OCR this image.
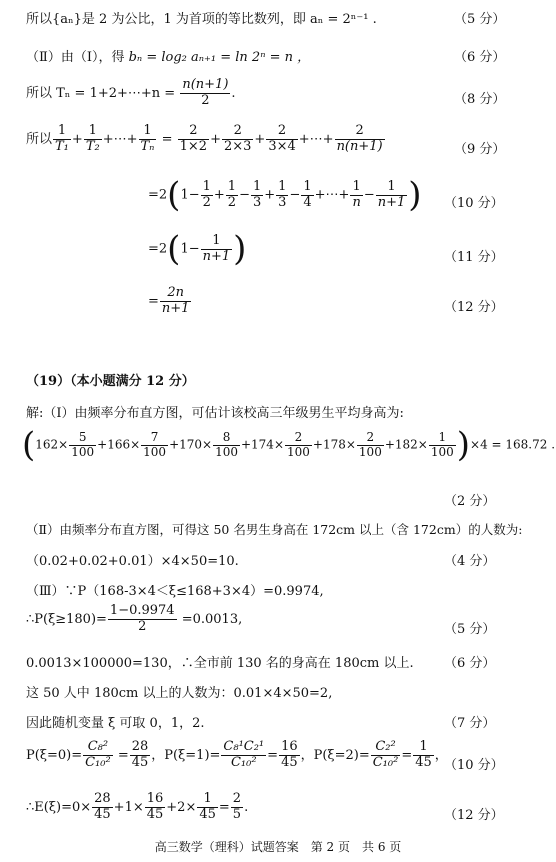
所以{aₙ}是 2 为公比，1 为首项的等比数列，即 aₙ = 2ⁿ⁻¹ .	（5 分）
（Ⅱ）由（Ⅰ），得 bₙ = log₂ aₙ₊₁ = ln 2ⁿ = n ，	（6 分）
所以 Tₙ = 1+2+⋯+n = $\frac{n(n+1)}{2}$ .	（8 分）
所以 $\frac{1}{\text{T₁}} + \frac{1}{\text{T₂}}$ +⋯+ $\frac{1}{\text{Tₙ}} = \frac{2}{1\times 2} + \frac{2}{2\times 3} + \frac{2}{3\times 4}$ +⋯+ $\frac{2}{n(n+1)}$	（9 分）
$=2(1- \frac{1}{2} + \frac{1}{2} - \frac{1}{3} + \frac{1}{3} - \frac{1}{4}$ +⋯+ $\frac{1}{n} - \frac{1}{n+1}$ ) （10 分）
$=2(1- \frac{1}{n+1}$ )	（11 分）
= $\frac{2n}{n+1}$	（12 分）
（19）（本小题满分 12 分）
解:（Ⅰ）由频率分布直方图，可估计该校高三年级男生平均身高为:
$(162\times \frac{5}{100} +166\times \frac{7}{100} +170\times \frac{8}{100} +174\times \frac{2}{100} +178\times \frac{2}{100} +182\times \frac{1}{100} )\times 4 = 168.72$ .
（2 分）
（Ⅱ）由频率分布直方图，可得这 50 名男生身高在 172cm 以上（含 172cm）的人数为:
（0.02+0.02+0.01）×4×50=10.	（4 分）
（Ⅲ）∵P（168-3×4＜ξ≤168+3×4）=0.9974,
∴P(ξ≥180)= $\frac{1-0.9974}{2} =0.0013$,
（5 分）
0.0013×100000=130，∴全市前 130 名的身高在 180cm 以上. （6 分）
这 50 人中 180cm 以上的人数为：0.01×4×50=2,
因此随机变量 ξ 可取 0，1，2.	（7 分）
$P(\xi=0)= \frac{\text{C₈²}}{\text{C₁₀²}} = \frac{28}{45}$ ，$P(\xi=1)= \frac{\text{C₈¹C₂¹}}{\text{C₁₀²}} = \frac{16}{45}$ ，$P(\xi=2)= \frac{\text{C₂²}}{\text{C₁₀²}} = \frac{1}{45}$ ，
（10 分）
∴E(ξ)=0× $\frac{28}{45} +1\times \frac{16}{45} +2\times \frac{1}{45} = \frac{2}{5}$ .
（12 分）
高三数学（理科）试题答案　第 2 页　共 6 页
